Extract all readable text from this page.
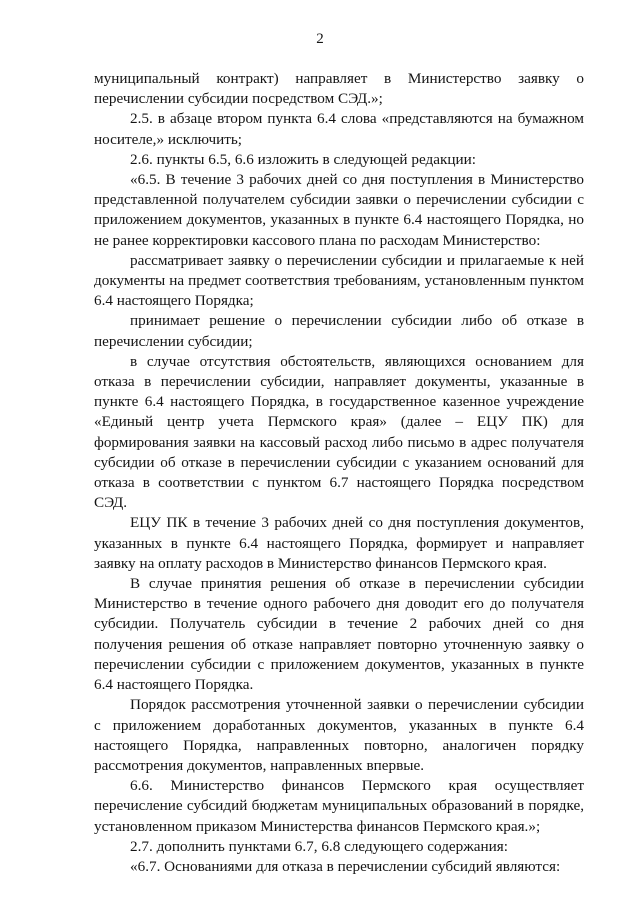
2

муниципальный контракт) направляет в Министерство заявку о перечислении субсидии посредством СЭД.»;

2.5. в абзаце втором пункта 6.4 слова «представляются на бумажном носителе,» исключить;

2.6. пункты 6.5, 6.6 изложить в следующей редакции:

«6.5. В течение 3 рабочих дней со дня поступления в Министерство представленной получателем субсидии заявки о перечислении субсидии с приложением документов, указанных в пункте 6.4 настоящего Порядка, но не ранее корректировки кассового плана по расходам Министерство:

рассматривает заявку о перечислении субсидии и прилагаемые к ней документы на предмет соответствия требованиям, установленным пунктом 6.4 настоящего Порядка;

принимает решение о перечислении субсидии либо об отказе в перечислении субсидии;

в случае отсутствия обстоятельств, являющихся основанием для отказа в перечислении субсидии, направляет документы, указанные в пункте 6.4 настоящего Порядка, в государственное казенное учреждение «Единый центр учета Пермского края» (далее – ЕЦУ ПК) для формирования заявки на кассовый расход либо письмо в адрес получателя субсидии об отказе в перечислении субсидии с указанием оснований для отказа в соответствии с пунктом 6.7 настоящего Порядка посредством СЭД.

ЕЦУ ПК в течение 3 рабочих дней со дня поступления документов, указанных в пункте 6.4 настоящего Порядка, формирует и направляет заявку на оплату расходов в Министерство финансов Пермского края.

В случае принятия решения об отказе в перечислении субсидии Министерство в течение одного рабочего дня доводит его до получателя субсидии. Получатель субсидии в течение 2 рабочих дней со дня получения решения об отказе направляет повторно уточненную заявку о перечислении субсидии с приложением документов, указанных в пункте 6.4 настоящего Порядка.

Порядок рассмотрения уточненной заявки о перечислении субсидии с приложением доработанных документов, указанных в пункте 6.4 настоящего Порядка, направленных повторно, аналогичен порядку рассмотрения документов, направленных впервые.

6.6. Министерство финансов Пермского края осуществляет перечисление субсидий бюджетам муниципальных образований в порядке, установленном приказом Министерства финансов Пермского края.»;

2.7. дополнить пунктами 6.7, 6.8 следующего содержания:

«6.7. Основаниями для отказа в перечислении субсидий являются:
